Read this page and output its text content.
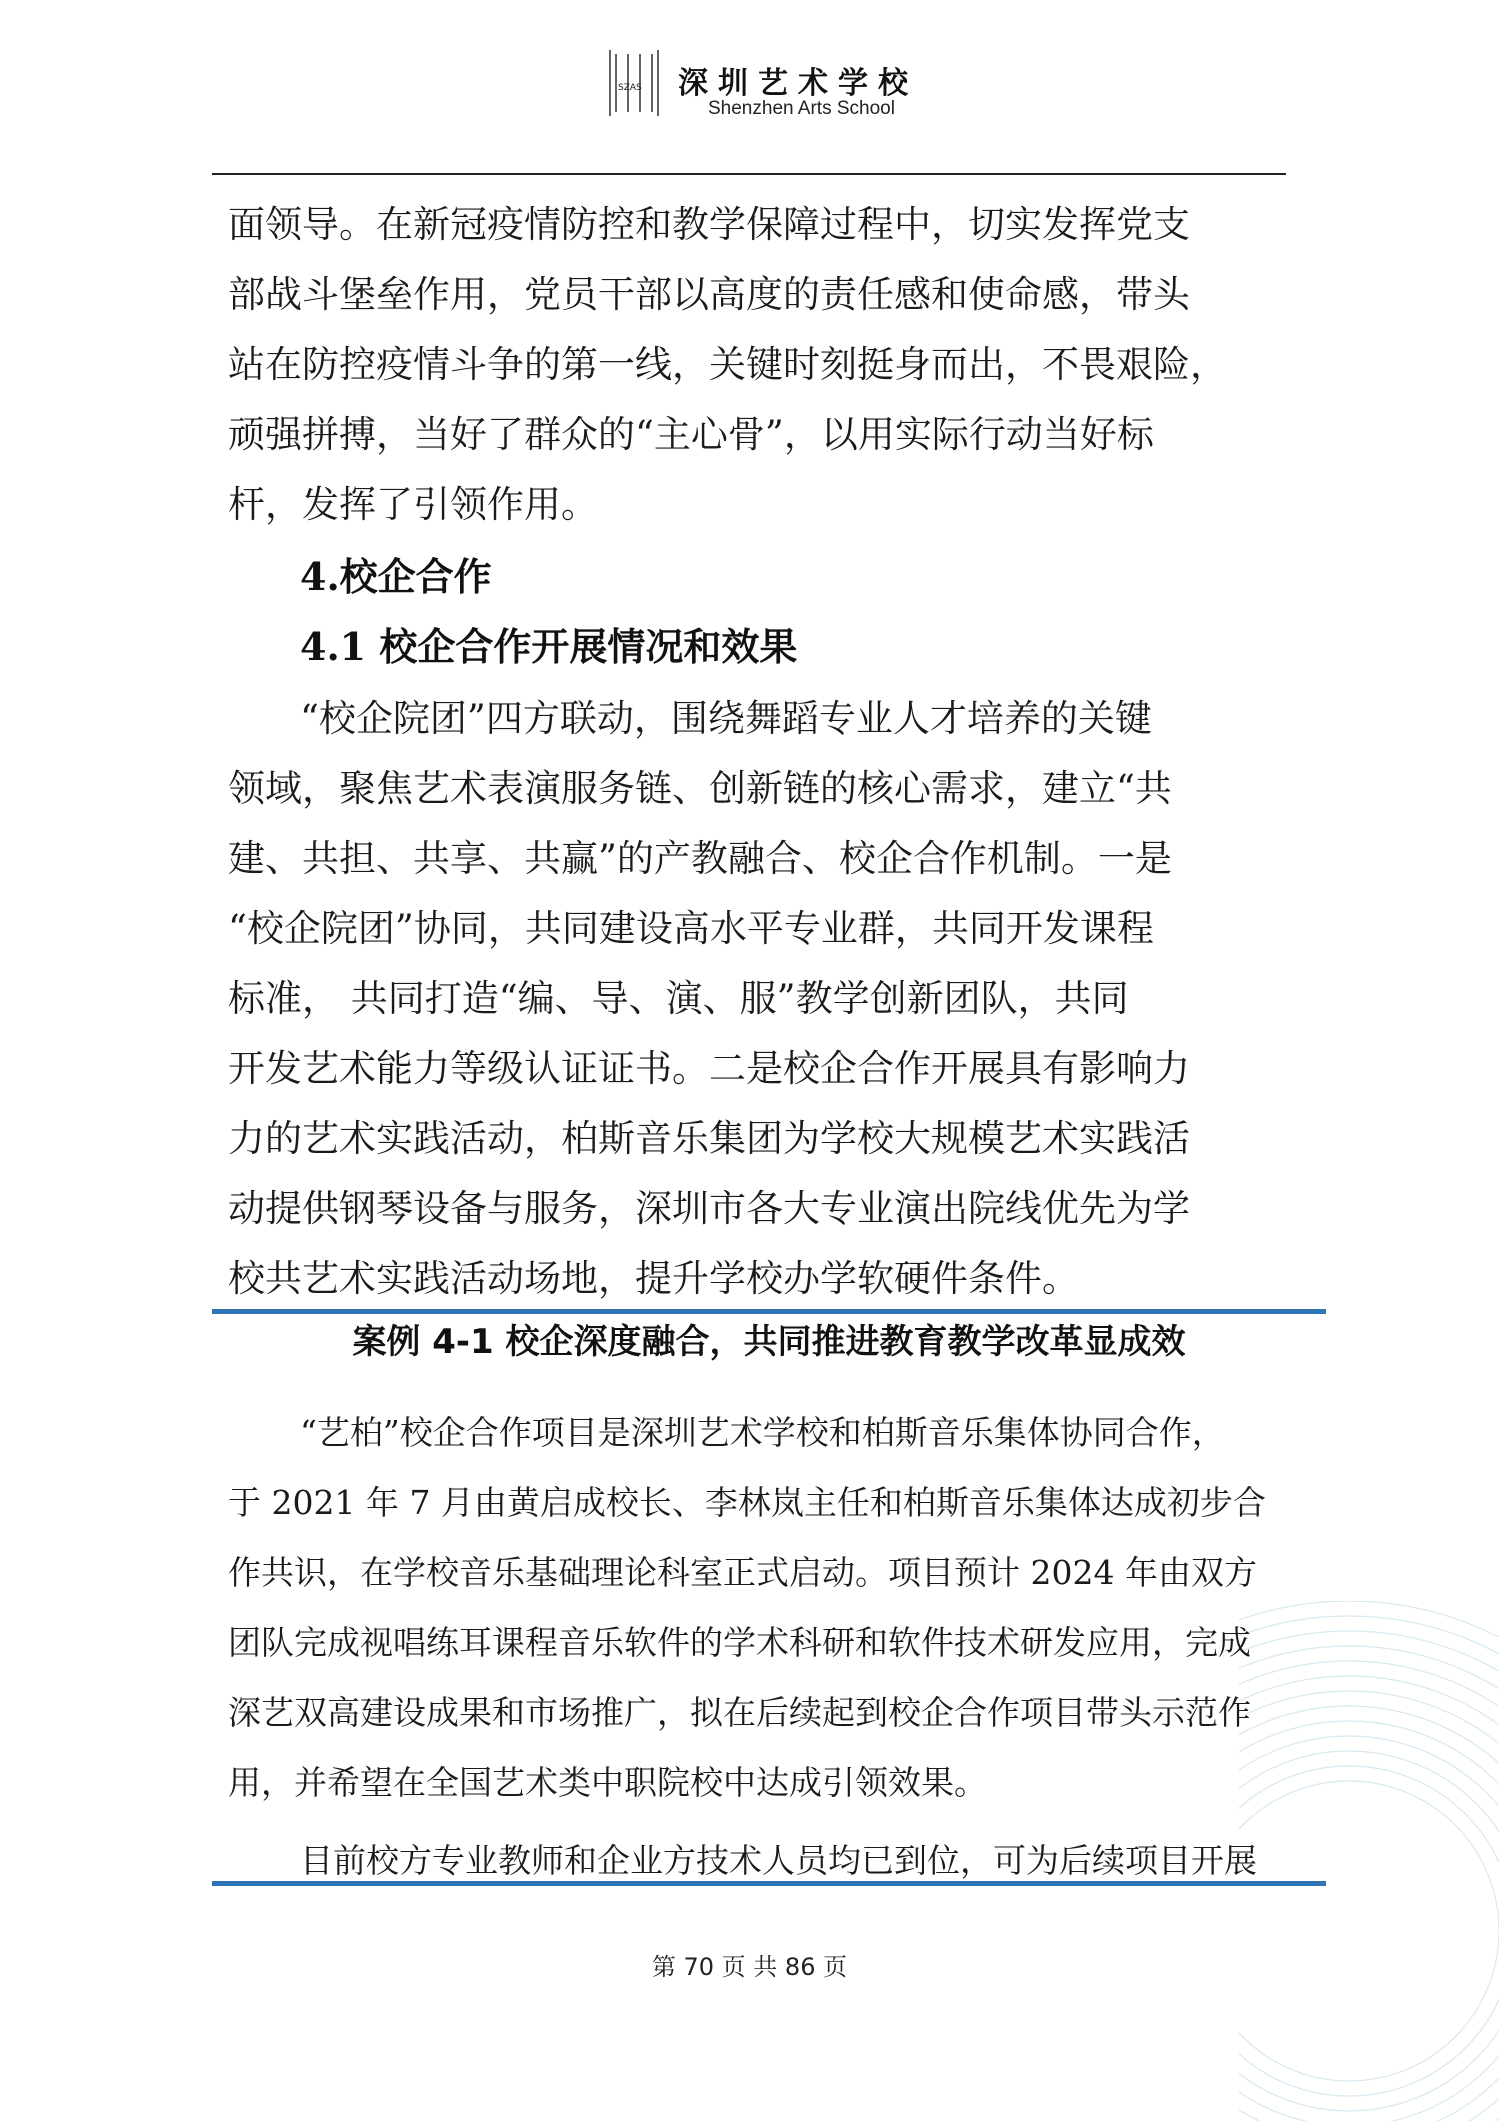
SZAS 深圳艺术学校
Shenzhen Arts School
面领导。在新冠疫情防控和教学保障过程中，切实发挥党支
部战斗堡垒作用，党员干部以高度的责任感和使命感，带头
站在防控疫情斗争的第一线，关键时刻挺身而出，不畏艰险，
顽强拼搏，当好了群众的“主心骨”，以用实际行动当好标
杆，发挥了引领作用。
4.校企合作
4.1 校企合作开展情况和效果
“校企院团”四方联动，围绕舞蹈专业人才培养的关键
领域，聚焦艺术表演服务链、创新链的核心需求，建立“共
建、共担、共享、共赢”的产教融合、校企合作机制。一是
“校企院团”协同，共同建设高水平专业群，共同开发课程
标准， 共同打造“编、导、演、服”教学创新团队，共同
开发艺术能力等级认证证书。二是校企合作开展具有影响力
力的艺术实践活动，柏斯音乐集团为学校大规模艺术实践活
动提供钢琴设备与服务，深圳市各大专业演出院线优先为学
校共艺术实践活动场地，提升学校办学软硬件条件。
案例 4-1 校企深度融合，共同推进教育教学改革显成效
“艺柏”校企合作项目是深圳艺术学校和柏斯音乐集体协同合作，
于 2021 年 7 月由黄启成校长、李林岚主任和柏斯音乐集体达成初步合
作共识，在学校音乐基础理论科室正式启动。项目预计 2024 年由双方
团队完成视唱练耳课程音乐软件的学术科研和软件技术研发应用，完成
深艺双高建设成果和市场推广，拟在后续起到校企合作项目带头示范作
用，并希望在全国艺术类中职院校中达成引领效果。
目前校方专业教师和企业方技术人员均已到位，可为后续项目开展
第 70 页 共 86 页
